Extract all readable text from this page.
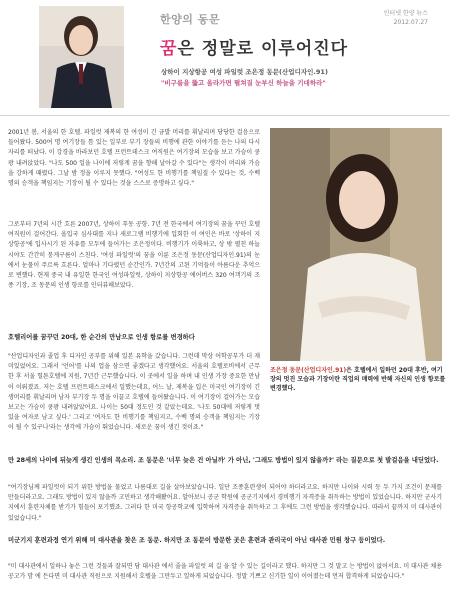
한양의 동문	인터넷 한양 뉴스
2012.07.27
꿈은 정말로 이루어진다
상하이 지상항공 여성 파일럿 조은정 동문(산업디자인.91)
"비구름을 뚫고 올라가면 펼쳐질 눈부신 하늘을 기대하라"
2001년 봄, 서울의 한 호텔. 파일럿 제복의 한 여성이 긴 금발 머리를 휘날리며 당당한 걸음으로 들어왔다. 500여 명 여기장들 틈 있는 일부로 부기 장들의 비행에 관한 이야기를 듣는 나의 다시 자리를 떠났다. 이 강경을 바라보던 호텔 프런트데스크 여직원은 여기장의 모습을 보고 가슴이 쿵쾅 내려앉았다. "나도 500 일을 나이에 저렇게 꿈을 향해 날아갈 수 있다"는 생각이 머리와 가슴을 강하게 때렸다. 그날 밤 정을 이루지 못했다. "여성도 한 비행기를 책임질 수 있다는 것, 수백 명의 승객을 책임지는 기장이 될 수 있다는 것을 스스로 증명하고 싶다."
그로부터 7년의 시간 흐른 2007년, 상하이 푸동 공항. 7년 전 한국에서 여기장의 꿈을 꾸던 호텔 여직원이 걸어간다. 올입국 심사대를 지나 새로그램 비행기에 입회한 이 여인은 바로 '상하이 지상항공'에 입사시기 된 자유를 모두에 들어가는 조은정이다. 비행기가 이륙하고, 상 밖 펼친 하늘 시야도 간간히 뭉게구름이 스친다. '여성 파일럿'의 꿈을 이룬 조은정 동문(산업디자인.91)의 눈에서 눈물이 주르륵 흐른다. 얼마나 기다렸던 순간인가. 7년간의 고된 기억들이 아름다운 추억으로 변했다. 현재 중국 내 유일한 한국인 여성파일럿, 상하이 지상항공 에어버스 320 여객기의 조종 기장, 조 동문의 인생 항로를 인터뷰해보았다.
조은정 동문(산업디자인.91)은 호텔에서 일하던 20대 후반, 여기장의 멋진 모습과 기장이란 직업의 매력에 반해 자신의 인생 항로를 변경했다.
호텔리어를 꿈꾸던 20대, 한 순간의 만남으로 인생 항로를 변경하다
"산업디자인과 졸업 후 디자인 공부를 위해 일본 유학을 갔습니다. 그런데 막상 어학공부가 더 재미있었어요. 그래서 '언어'를 나의 업을 삼으면 좋겠다고 생각했어요. 서울의 호텔로비에서 근무한 후 서울 힐튼호텔에 지원, 7년간 근무했습니다. 이 곳에서 일을 하며 내 인생 가장 중요한 만남이 이뤄졌죠. 저는 호텔 프런트데스크에서 일했는데요, 어느 날, 제복을 입은 미국인 여기장이 긴 생머리를 휘날리며 남자 부기장 두 명을 이끌고 호텔에 들어왔습니다. 이 여기장이 걸어가는 모습 보고는 가슴이 쿵쾅 내려앉았어요. 나이는 50대 정도인 것 같았는데요. '나도 50대에 저렇게 멋있을 여자로 남고 싶다.' 그리고 '여자도 한 비행기를 책임지고, 수백 명의 승객을 책임지는 기장이 될 수 있구나'라는 생각에 가슴이 뛰었습니다. 새로운 꿈이 생긴 것이죠."
만 28세의 나이에 뒤늦게 생긴 인생의 목소리. 조 동문은 '너무 늦은 건 아닐까' 가 아닌, '그래도 방법이 있지 않을까?' 라는 질문으로 첫 발걸음을 내딛었다.
"여기장님께 파일럿이 되기 위한 방법을 물었고 나름대로 길을 살아보았습니다. 일단 조종훈련생이 되어야 하더라고요. 하지만 나이와 시력 등 두 가지 조건이 문제를 만들더라고요. 그래도 방법이 있지 않을까 고민하고 생각해봤어요. 알아보니 공군 학원에 공군기지에서 경비행기 자격증을 취득하는 방법이 있었습니다. 하지만 군사기지에서 훈련자체를 받기가 힘들어 포기했죠. 그러다 한 미국 항공학교에 입학하여 자격증을 취득하고 그 후에도 그런 방법을 생각했습니다. 따라서 끝까지 미 대사관이 있었습니다."
미군기지 훈련과정 연기 위해 미 대사관을 찾은 조 동문. 하지만 조 동문이 방문한 곳은 훈련과 관리국이 아닌 대사관 민원 창구 등이었다.
"미 대사관에서 일하나 놓은 그런 것들과 잘되면 담 대사관 에서 줄을 파일럿 의 길 을 알 수 있는 길이라고 했다. 하지만 그 것 말고 는 방법이 없어서요. 미 대사관 채용공고가 맘 에 든다면 미 대사관 직원으로 지원해서 호텔을 그만두고 일하게 되었습니다. 정말 기쁘고 신기한 일이 이어졌는데 먼저 합격하게 되었습니다."
